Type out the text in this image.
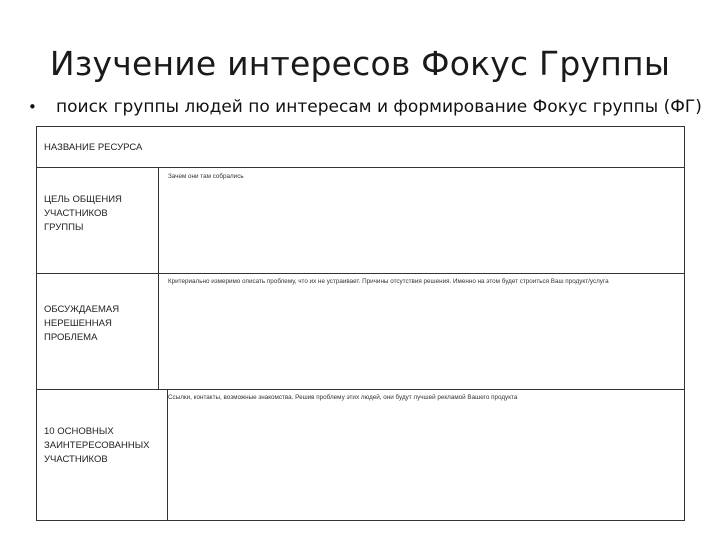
Изучение интересов Фокус Группы
• поиск группы людей по интересам и формирование Фокус группы (ФГ)
НАЗВАНИЕ РЕСУРСА
Зачем они там собрались
ЦЕЛЬ ОБЩЕНИЯ УЧАСТНИКОВ ГРУППЫ
Критериально измеримо описать проблему, что их не устраивает. Причины отсутствия решения. Именно на этом будет строиться Ваш продукт/услуга
ОБСУЖДАЕМАЯ НЕРЕШЕННАЯ ПРОБЛЕМА
Ссылки, контакты, возможные знакомства. Решив проблему этих людей, они будут лучшей рекламой Вашего продукта
10 ОСНОВНЫХ ЗАИНТЕРЕСОВАННЫХ УЧАСТНИКОВ
